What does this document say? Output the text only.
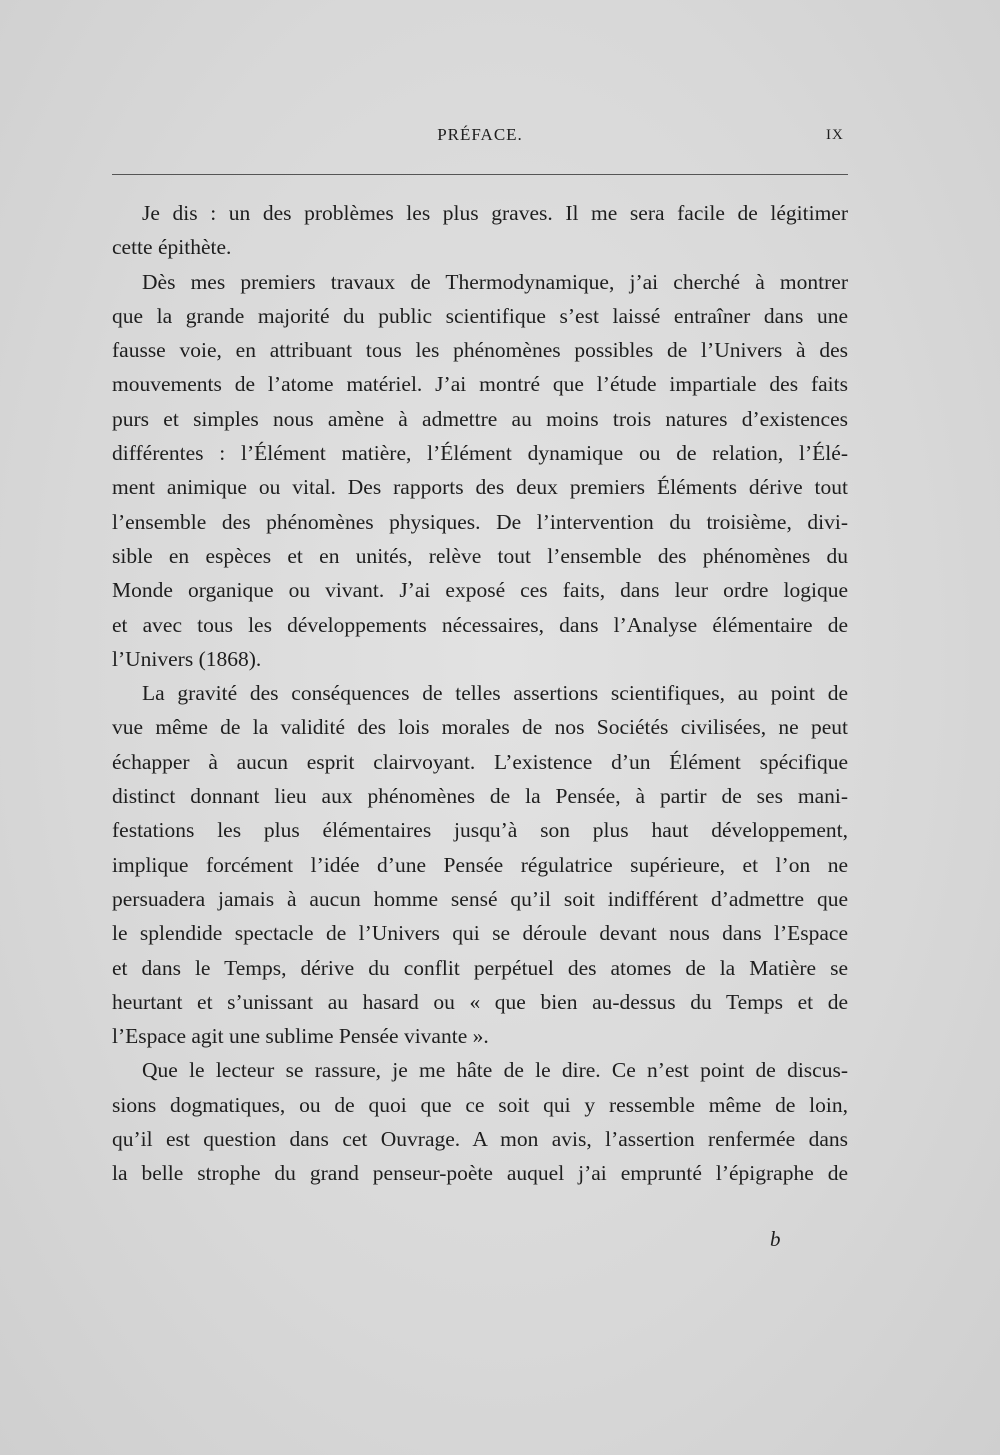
PRÉFACE.	IX
Je dis : un des problèmes les plus graves. Il me sera facile de légitimer
cette épithète.
Dès mes premiers travaux de Thermodynamique, j’ai cherché à montrer
que la grande majorité du public scientifique s’est laissé entraîner dans une
fausse voie, en attribuant tous les phénomènes possibles de l’Univers à des
mouvements de l’atome matériel. J’ai montré que l’étude impartiale des faits
purs et simples nous amène à admettre au moins trois natures d’existences
différentes : l’Élément matière, l’Élément dynamique ou de relation, l’Élé-
ment animique ou vital. Des rapports des deux premiers Éléments dérive tout
l’ensemble des phénomènes physiques. De l’intervention du troisième, divi-
sible en espèces et en unités, relève tout l’ensemble des phénomènes du
Monde organique ou vivant. J’ai exposé ces faits, dans leur ordre logique
et avec tous les développements nécessaires, dans l’Analyse élémentaire de
l’Univers (1868).
La gravité des conséquences de telles assertions scientifiques, au point de
vue même de la validité des lois morales de nos Sociétés civilisées, ne peut
échapper à aucun esprit clairvoyant. L’existence d’un Élément spécifique
distinct donnant lieu aux phénomènes de la Pensée, à partir de ses mani-
festations les plus élémentaires jusqu’à son plus haut développement,
implique forcément l’idée d’une Pensée régulatrice supérieure, et l’on ne
persuadera jamais à aucun homme sensé qu’il soit indifférent d’admettre que
le splendide spectacle de l’Univers qui se déroule devant nous dans l’Espace
et dans le Temps, dérive du conflit perpétuel des atomes de la Matière se
heurtant et s’unissant au hasard ou « que bien au-dessus du Temps et de
l’Espace agit une sublime Pensée vivante ».
Que le lecteur se rassure, je me hâte de le dire. Ce n’est point de discus-
sions dogmatiques, ou de quoi que ce soit qui y ressemble même de loin,
qu’il est question dans cet Ouvrage. A mon avis, l’assertion renfermée dans
la belle strophe du grand penseur-poète auquel j’ai emprunté l’épigraphe de
b
